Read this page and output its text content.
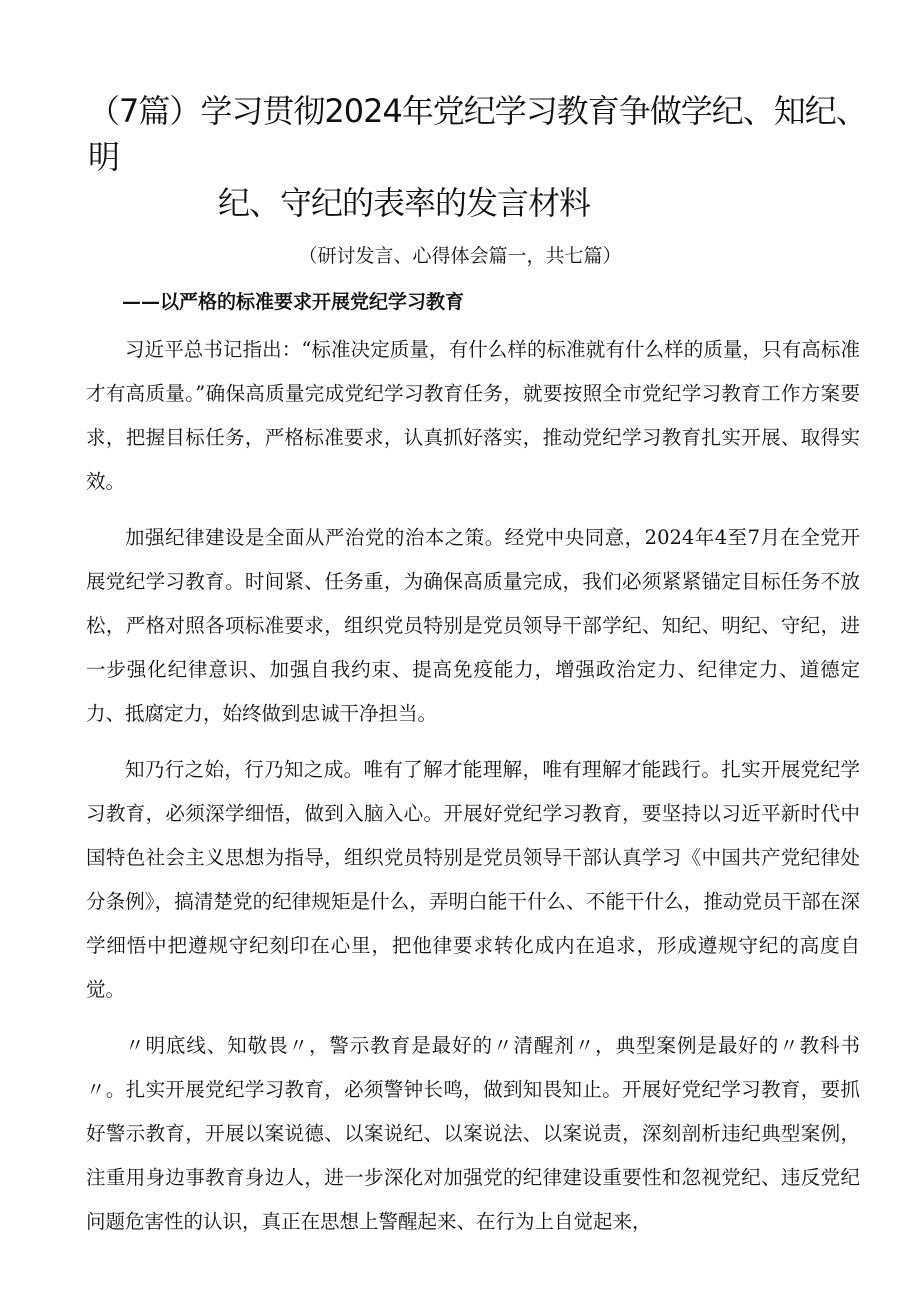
（7篇）学习贯彻2024年党纪学习教育争做学纪、知纪、明
纪、守纪的表率的发言材料
（研讨发言、心得体会篇一，共七篇）
——以严格的标准要求开展党纪学习教育

习近平总书记指出：“标准决定质量，有什么样的标准就有什么样的质量，只有高标准才有高质量。”确保高质量完成党纪学习教育任务，就要按照全市党纪学习教育工作方案要求，把握目标任务，严格标准要求，认真抓好落实，推动党纪学习教育扎实开展、取得实效。

加强纪律建设是全面从严治党的治本之策。经党中央同意，2024年4至7月在全党开展党纪学习教育。时间紧、任务重，为确保高质量完成，我们必须紧紧锚定目标任务不放松，严格对照各项标准要求，组织党员特别是党员领导干部学纪、知纪、明纪、守纪，进一步强化纪律意识、加强自我约束、提高免疫能力，增强政治定力、纪律定力、道德定力、抵腐定力，始终做到忠诚干净担当。

知乃行之始，行乃知之成。唯有了解才能理解，唯有理解才能践行。扎实开展党纪学习教育，必须深学细悟，做到入脑入心。开展好党纪学习教育，要坚持以习近平新时代中国特色社会主义思想为指导，组织党员特别是党员领导干部认真学习《中国共产党纪律处分条例》，搞清楚党的纪律规矩是什么，弄明白能干什么、不能干什么，推动党员干部在深学细悟中把遵规守纪刻印在心里，把他律要求转化成内在追求，形成遵规守纪的高度自觉。

〃明底线、知敬畏〃，警示教育是最好的〃清醒剂〃，典型案例是最好的〃教科书〃。扎实开展党纪学习教育，必须警钟长鸣，做到知畏知止。开展好党纪学习教育，要抓好警示教育，开展以案说德、以案说纪、以案说法、以案说责，深刻剖析违纪典型案例，注重用身边事教育身边人，进一步深化对加强党的纪律建设重要性和忽视党纪、违反党纪问题危害性的认识，真正在思想上警醒起来、在行为上自觉起来，
